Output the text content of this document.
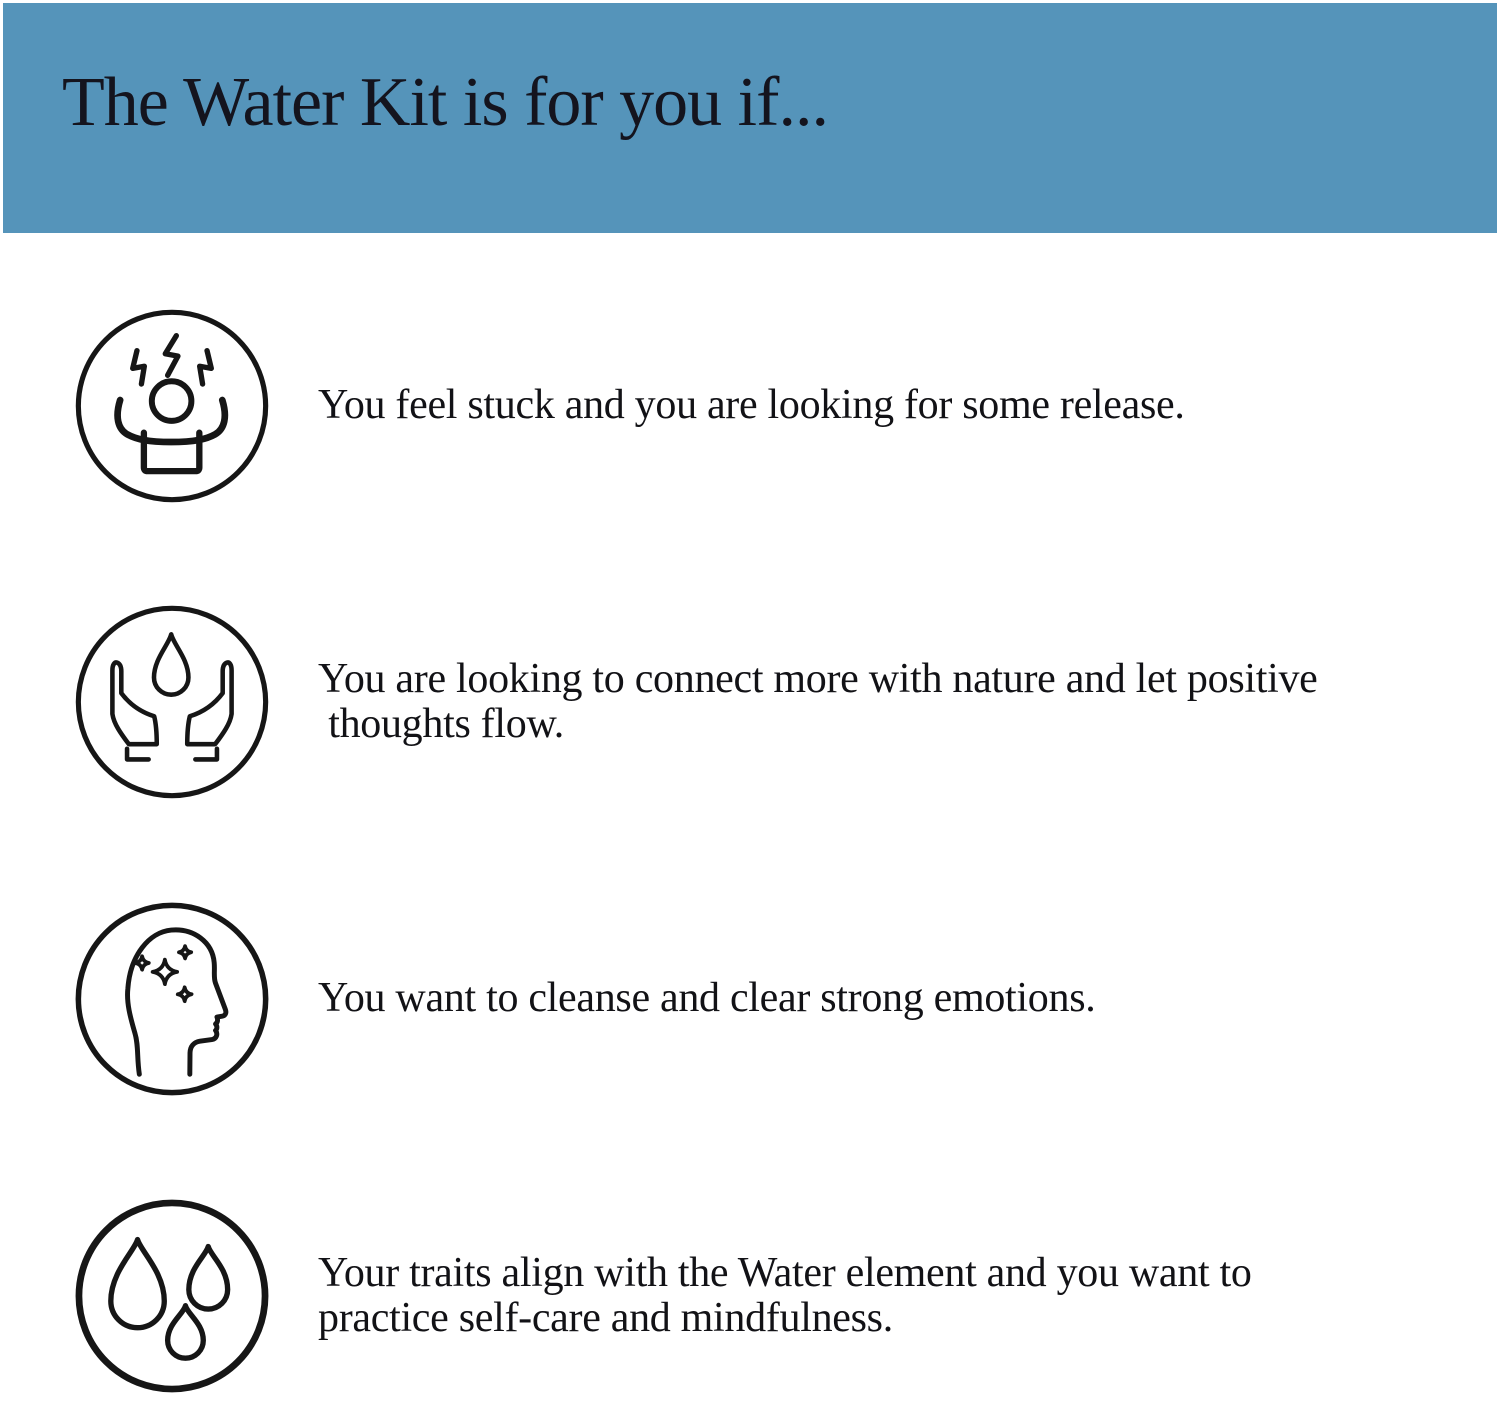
The Water Kit is for you if...
You feel stuck and you are looking for some release.
You are looking to connect more with nature and let positive
thoughts flow.
You want to cleanse and clear strong emotions.
Your traits align with the Water element and you want to
practice self-care and mindfulness.
